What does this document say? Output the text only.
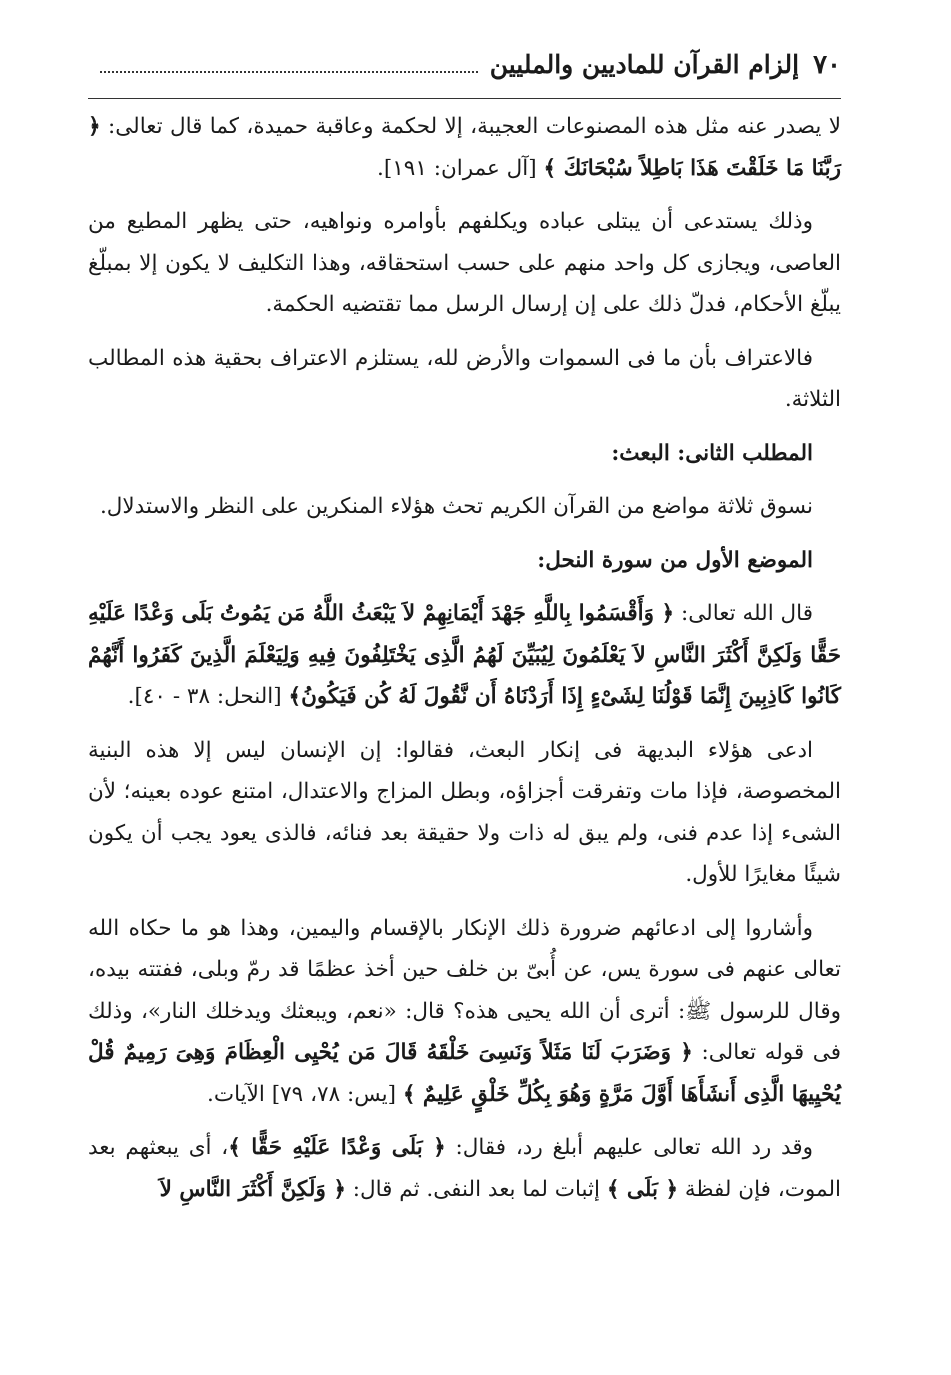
٧٠
إلزام القرآن للماديين والمليين

لا يصدر عنه مثل هذه المصنوعات العجيبة، إلا لحكمة وعاقبة حميدة، كما قال تعالى: ﴿ رَبَّنَا مَا خَلَقْتَ هَذَا بَاطِلاً سُبْحَانَكَ ﴾ [آل عمران: ١٩١].

وذلك يستدعى أن يبتلى عباده ويكلفهم بأوامره ونواهيه، حتى يظهر المطيع من العاصى، ويجازى كل واحد منهم على حسب استحقاقه، وهذا التكليف لا يكون إلا بمبلّغ يبلّغ الأحكام، فدلّ ذلك على إن إرسال الرسل مما تقتضيه الحكمة.

فالاعتراف بأن ما فى السموات والأرض لله، يستلزم الاعتراف بحقية هذه المطالب الثلاثة.

المطلب الثانى: البعث:

نسوق ثلاثة مواضع من القرآن الكريم تحث هؤلاء المنكرين على النظر والاستدلال.

الموضع الأول من سورة النحل:

قال الله تعالى: ﴿ وَأَقْسَمُوا بِاللَّهِ جَهْدَ أَيْمَانِهِمْ لاَ يَبْعَثُ اللَّهُ مَن يَمُوتُ بَلَى وَعْدًا عَلَيْهِ حَقًّا وَلَكِنَّ أَكْثَرَ النَّاسِ لاَ يَعْلَمُونَ لِيُبَيِّنَ لَهُمُ الَّذِى يَخْتَلِفُونَ فِيهِ وَلِيَعْلَمَ الَّذِينَ كَفَرُوا أَنَّهُمْ كَانُوا كَاذِبِينَ إِنَّمَا قَوْلُنَا لِشَىْءٍ إِذَا أَرَدْنَاهُ أَن نَّقُولَ لَهُ كُن فَيَكُونُ﴾ [النحل: ٣٨ - ٤٠].

ادعى هؤلاء البديهة فى إنكار البعث، فقالوا: إن الإنسان ليس إلا هذه البنية المخصوصة، فإذا مات وتفرقت أجزاؤه، وبطل المزاج والاعتدال، امتنع عوده بعينه؛ لأن الشىء إذا عدم فنى، ولم يبق له ذات ولا حقيقة بعد فنائه، فالذى يعود يجب أن يكون شيئًا مغايرًا للأول.

وأشاروا إلى ادعائهم ضرورة ذلك الإنكار بالإقسام واليمين، وهذا هو ما حكاه الله تعالى عنهم فى سورة يس، عن أُبىّ بن خلف حين أخذ عظمًا قد رمّ وبلى، ففتته بيده، وقال للرسول ﷺ: أترى أن الله يحيى هذه؟ قال: «نعم، ويبعثك ويدخلك النار»، وذلك فى قوله تعالى: ﴿ وَضَرَبَ لَنَا مَثَلاً وَنَسِىَ خَلْقَهُ قَالَ مَن يُحْيِى الْعِظَامَ وَهِىَ رَمِيمٌ قُلْ يُحْيِيهَا الَّذِى أَنشَأَهَا أَوَّلَ مَرَّةٍ وَهُوَ بِكُلِّ خَلْقٍ عَلِيمٌ ﴾ [يس: ٧٨، ٧٩] الآيات.

وقد رد الله تعالى عليهم أبلغ رد، فقال: ﴿ بَلَى وَعْدًا عَلَيْهِ حَقًّا ﴾، أى يبعثهم بعد الموت، فإن لفظة ﴿ بَلَى ﴾ إثبات لما بعد النفى. ثم قال: ﴿ وَلَكِنَّ أَكْثَرَ النَّاسِ لاَ
